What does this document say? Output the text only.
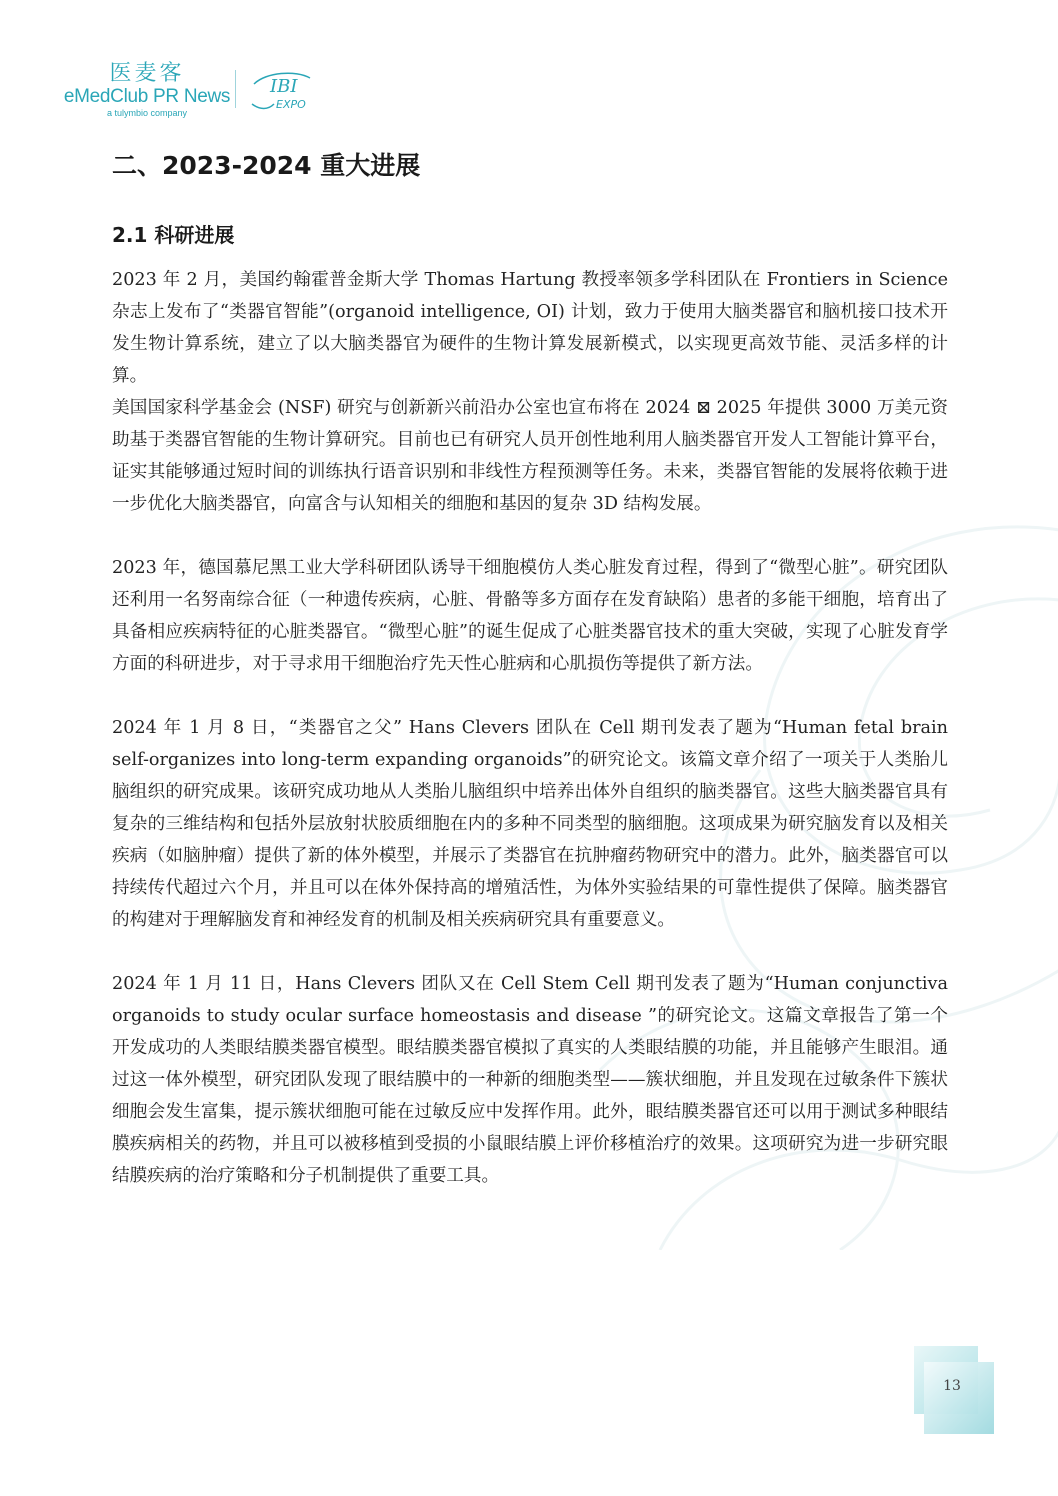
医麦客
eMedClub PR News
a tulymbio company
IBI
EXPO
二、2023-2024 重大进展
2.1 科研进展

2023 年 2 月，美国约翰霍普金斯大学 Thomas Hartung 教授率领多学科团队在 Frontiers in Science 杂志上发布了“类器官智能”(organoid intelligence, OI) 计划，致力于使用大脑类器官和脑机接口技术开发生物计算系统，建立了以大脑类器官为硬件的生物计算发展新模式，以实现更高效节能、灵活多样的计算。

美国国家科学基金会 (NSF) 研究与创新新兴前沿办公室也宣布将在 2024 ⊠ 2025 年提供 3000 万美元资助基于类器官智能的生物计算研究。目前也已有研究人员开创性地利用人脑类器官开发人工智能计算平台，证实其能够通过短时间的训练执行语音识别和非线性方程预测等任务。未来，类器官智能的发展将依赖于进一步优化大脑类器官，向富含与认知相关的细胞和基因的复杂 3D 结构发展。

2023 年，德国慕尼黑工业大学科研团队诱导干细胞模仿人类心脏发育过程，得到了“微型心脏”。研究团队还利用一名努南综合征（一种遗传疾病，心脏、骨骼等多方面存在发育缺陷）患者的多能干细胞，培育出了具备相应疾病特征的心脏类器官。“微型心脏”的诞生促成了心脏类器官技术的重大突破，实现了心脏发育学方面的科研进步，对于寻求用干细胞治疗先天性心脏病和心肌损伤等提供了新方法。

2024 年 1 月 8 日，“类器官之父” Hans Clevers 团队在 Cell 期刊发表了题为“Human fetal brain self-organizes into long-term expanding organoids”的研究论文。该篇文章介绍了一项关于人类胎儿脑组织的研究成果。该研究成功地从人类胎儿脑组织中培养出体外自组织的脑类器官。这些大脑类器官具有复杂的三维结构和包括外层放射状胶质细胞在内的多种不同类型的脑细胞。这项成果为研究脑发育以及相关疾病（如脑肿瘤）提供了新的体外模型，并展示了类器官在抗肿瘤药物研究中的潜力。此外，脑类器官可以持续传代超过六个月，并且可以在体外保持高的增殖活性，为体外实验结果的可靠性提供了保障。脑类器官的构建对于理解脑发育和神经发育的机制及相关疾病研究具有重要意义。

2024 年 1 月 11 日，Hans Clevers 团队又在 Cell Stem Cell 期刊发表了题为“Human conjunctiva organoids to study ocular surface homeostasis and disease ”的研究论文。这篇文章报告了第一个开发成功的人类眼结膜类器官模型。眼结膜类器官模拟了真实的人类眼结膜的功能，并且能够产生眼泪。通过这一体外模型，研究团队发现了眼结膜中的一种新的细胞类型——簇状细胞，并且发现在过敏条件下簇状细胞会发生富集，提示簇状细胞可能在过敏反应中发挥作用。此外，眼结膜类器官还可以用于测试多种眼结膜疾病相关的药物，并且可以被移植到受损的小鼠眼结膜上评价移植治疗的效果。这项研究为进一步研究眼结膜疾病的治疗策略和分子机制提供了重要工具。

13
